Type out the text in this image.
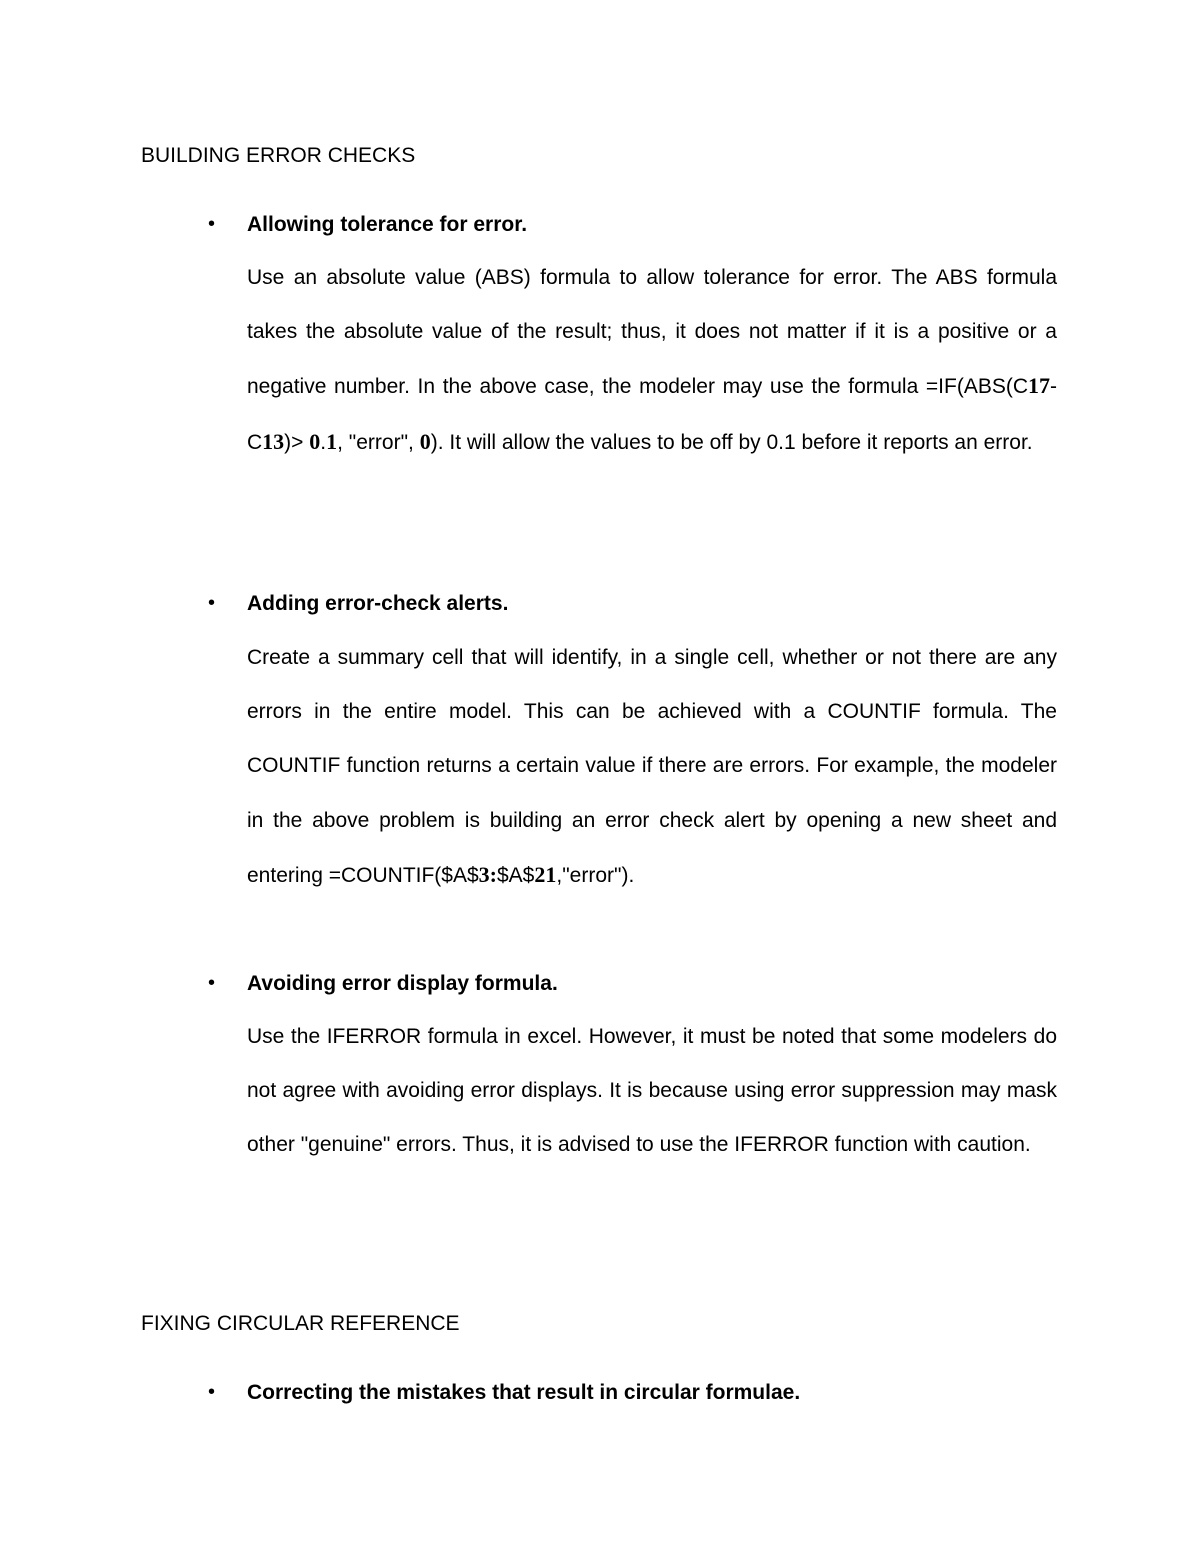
BUILDING ERROR CHECKS
• Allowing tolerance for error.

Use an absolute value (ABS) formula to allow tolerance for error. The ABS formula takes the absolute value of the result; thus, it does not matter if it is a positive or a negative number. In the above case, the modeler may use the formula =IF(ABS(C17-C13)> 0.1, "error", 0). It will allow the values to be off by 0.1 before it reports an error.

• Adding error-check alerts.

Create a summary cell that will identify, in a single cell, whether or not there are any errors in the entire model. This can be achieved with a COUNTIF formula. The COUNTIF function returns a certain value if there are errors. For example, the modeler in the above problem is building an error check alert by opening a new sheet and entering =COUNTIF($A$3:$A$21,"error").

• Avoiding error display formula.

Use the IFERROR formula in excel. However, it must be noted that some modelers do not agree with avoiding error displays. It is because using error suppression may mask other "genuine" errors. Thus, it is advised to use the IFERROR function with caution.

FIXING CIRCULAR REFERENCE
• Correcting the mistakes that result in circular formulae.
